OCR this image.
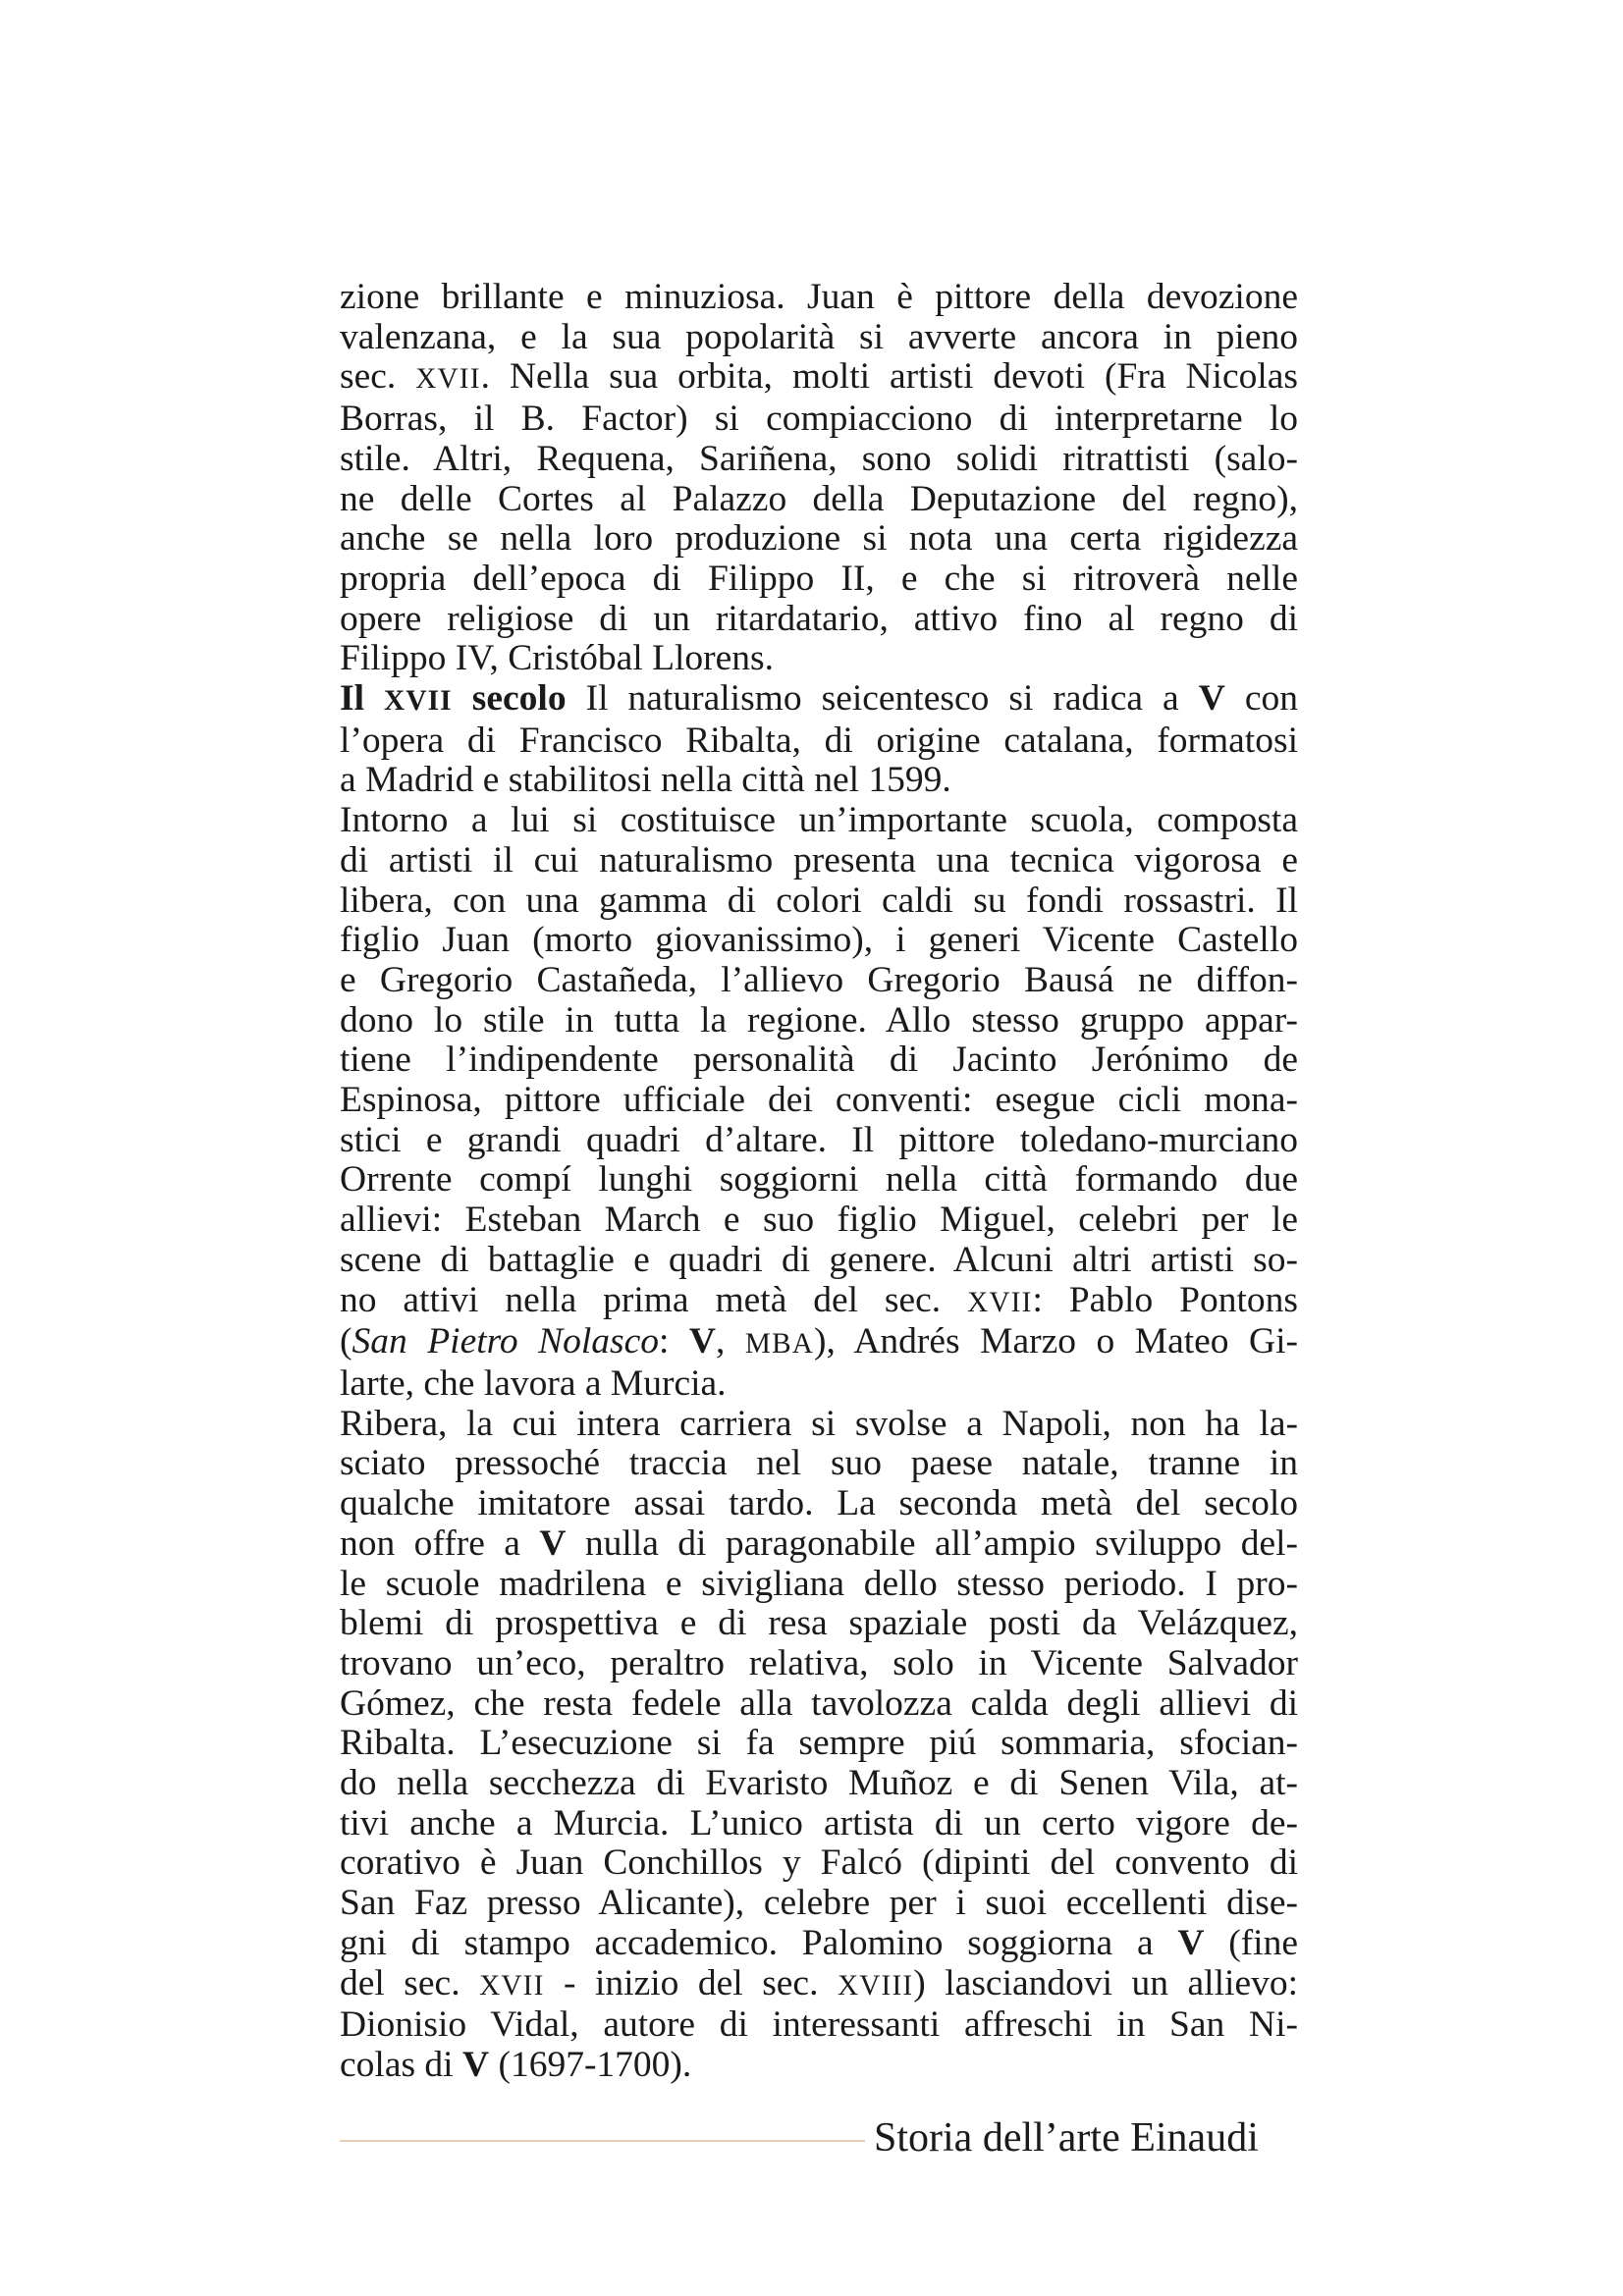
zione brillante e minuziosa. Juan è pittore della devozione
valenzana, e la sua popolarità si avverte ancora in pieno
sec. XVII. Nella sua orbita, molti artisti devoti (Fra Nicolas
Borras, il B. Factor) si compiacciono di interpretarne lo
stile. Altri, Requena, Sariñena, sono solidi ritrattisti (salo-
ne delle Cortes al Palazzo della Deputazione del regno),
anche se nella loro produzione si nota una certa rigidezza
propria dell’epoca di Filippo II, e che si ritroverà nelle
opere religiose di un ritardatario, attivo fino al regno di
Filippo IV, Cristóbal Llorens.
Il XVII secolo Il naturalismo seicentesco si radica a V con
l’opera di Francisco Ribalta, di origine catalana, formatosi
a Madrid e stabilitosi nella città nel 1599.
Intorno a lui si costituisce un’importante scuola, composta
di artisti il cui naturalismo presenta una tecnica vigorosa e
libera, con una gamma di colori caldi su fondi rossastri. Il
figlio Juan (morto giovanissimo), i generi Vicente Castello
e Gregorio Castañeda, l’allievo Gregorio Bausá ne diffon-
dono lo stile in tutta la regione. Allo stesso gruppo appar-
tiene l’indipendente personalità di Jacinto Jerónimo de
Espinosa, pittore ufficiale dei conventi: esegue cicli mona-
stici e grandi quadri d’altare. Il pittore toledano-murciano
Orrente compí lunghi soggiorni nella città formando due
allievi: Esteban March e suo figlio Miguel, celebri per le
scene di battaglie e quadri di genere. Alcuni altri artisti so-
no attivi nella prima metà del sec. XVII: Pablo Pontons
(San Pietro Nolasco: V, MBA), Andrés Marzo o Mateo Gi-
larte, che lavora a Murcia.
Ribera, la cui intera carriera si svolse a Napoli, non ha la-
sciato pressoché traccia nel suo paese natale, tranne in
qualche imitatore assai tardo. La seconda metà del secolo
non offre a V nulla di paragonabile all’ampio sviluppo del-
le scuole madrilena e sivigliana dello stesso periodo. I pro-
blemi di prospettiva e di resa spaziale posti da Velázquez,
trovano un’eco, peraltro relativa, solo in Vicente Salvador
Gómez, che resta fedele alla tavolozza calda degli allievi di
Ribalta. L’esecuzione si fa sempre piú sommaria, sfocian-
do nella secchezza di Evaristo Muñoz e di Senen Vila, at-
tivi anche a Murcia. L’unico artista di un certo vigore de-
corativo è Juan Conchillos y Falcó (dipinti del convento di
San Faz presso Alicante), celebre per i suoi eccellenti dise-
gni di stampo accademico. Palomino soggiorna a V (fine
del sec. XVII - inizio del sec. XVIII) lasciandovi un allievo:
Dionisio Vidal, autore di interessanti affreschi in San Ni-
colas di V (1697-1700).
Storia dell’arte Einaudi
